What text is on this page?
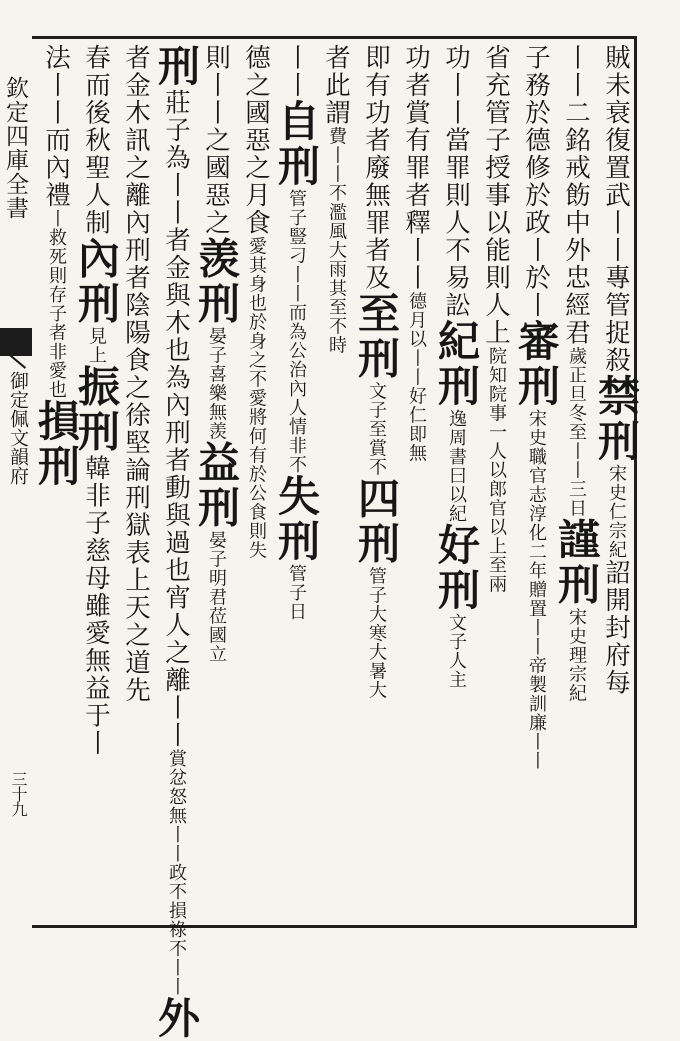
欽定四庫全書
御定佩文韻府
三十九
賊未衰復置武丨丨專管捉殺禁刑宋史仁宗紀詔開封府每
丨丨二銘戒飭中外忠經君歲正旦冬至丨丨三日謹刑宋史理宗紀
子務於德修於政丨於丨審刑宋史職官志淳化二年贈置丨丨帝製訓廉丨丨
省充管子授事以能則人上院知院事一人以郎官以上至兩
功丨丨當罪則人不易訟紀刑逸周書曰以紀好刑文子人主
功者賞有罪者釋丨丨德月以丨丨好仁即無
即有功者廢無罪者及至刑文子至賞不四刑管子大寒大暑大
者此謂費丨丨不濫風大雨其至不時
丨丨自刑管子豎刁丨丨而為公治內人情非不失刑管子日
德之國惡之月食愛其身也於身之不愛將何有於公食則失
則丨丨之國惡之羡刑晏子喜樂無羡益刑晏子明君莅國立
刑莊子為丨丨者金與木也為內刑者動與過也宵人之離丨丨賞忿怒無丨丨政不損祿不丨丨外
者金木訊之離內刑者陰陽食之徐堅論刑獄表上天之道先
春而後秋聖人制內刑見上振刑韓非子慈母雖愛無益于丨
法丨丨而內禮丨救死則存子者非愛也損刑
